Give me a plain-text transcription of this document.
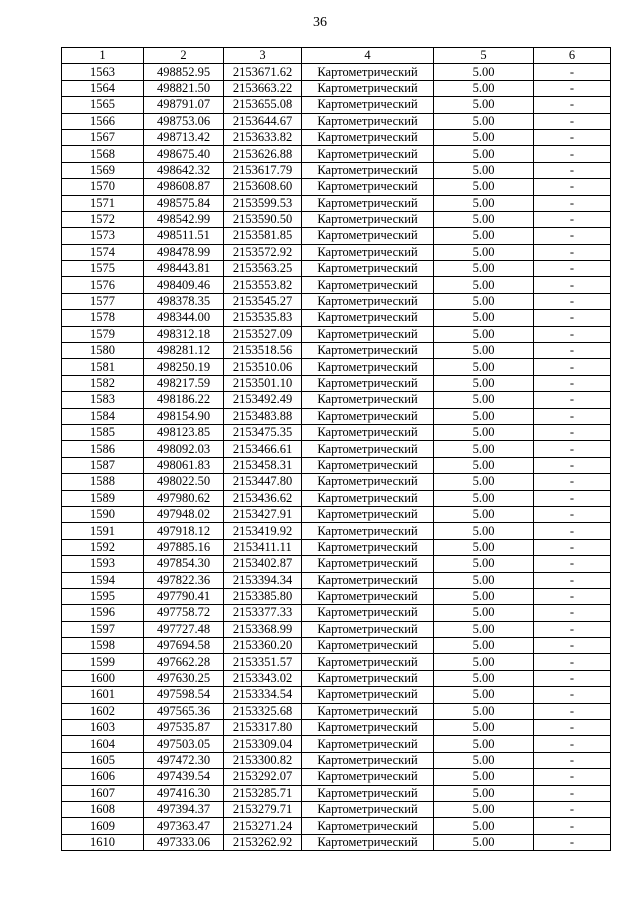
36
1	2	3	4	5	6
1563	498852.95	2153671.62	Картометрический	5.00	-
1564	498821.50	2153663.22	Картометрический	5.00	-
1565	498791.07	2153655.08	Картометрический	5.00	-
1566	498753.06	2153644.67	Картометрический	5.00	-
1567	498713.42	2153633.82	Картометрический	5.00	-
1568	498675.40	2153626.88	Картометрический	5.00	-
1569	498642.32	2153617.79	Картометрический	5.00	-
1570	498608.87	2153608.60	Картометрический	5.00	-
1571	498575.84	2153599.53	Картометрический	5.00	-
1572	498542.99	2153590.50	Картометрический	5.00	-
1573	498511.51	2153581.85	Картометрический	5.00	-
1574	498478.99	2153572.92	Картометрический	5.00	-
1575	498443.81	2153563.25	Картометрический	5.00	-
1576	498409.46	2153553.82	Картометрический	5.00	-
1577	498378.35	2153545.27	Картометрический	5.00	-
1578	498344.00	2153535.83	Картометрический	5.00	-
1579	498312.18	2153527.09	Картометрический	5.00	-
1580	498281.12	2153518.56	Картометрический	5.00	-
1581	498250.19	2153510.06	Картометрический	5.00	-
1582	498217.59	2153501.10	Картометрический	5.00	-
1583	498186.22	2153492.49	Картометрический	5.00	-
1584	498154.90	2153483.88	Картометрический	5.00	-
1585	498123.85	2153475.35	Картометрический	5.00	-
1586	498092.03	2153466.61	Картометрический	5.00	-
1587	498061.83	2153458.31	Картометрический	5.00	-
1588	498022.50	2153447.80	Картометрический	5.00	-
1589	497980.62	2153436.62	Картометрический	5.00	-
1590	497948.02	2153427.91	Картометрический	5.00	-
1591	497918.12	2153419.92	Картометрический	5.00	-
1592	497885.16	2153411.11	Картометрический	5.00	-
1593	497854.30	2153402.87	Картометрический	5.00	-
1594	497822.36	2153394.34	Картометрический	5.00	-
1595	497790.41	2153385.80	Картометрический	5.00	-
1596	497758.72	2153377.33	Картометрический	5.00	-
1597	497727.48	2153368.99	Картометрический	5.00	-
1598	497694.58	2153360.20	Картометрический	5.00	-
1599	497662.28	2153351.57	Картометрический	5.00	-
1600	497630.25	2153343.02	Картометрический	5.00	-
1601	497598.54	2153334.54	Картометрический	5.00	-
1602	497565.36	2153325.68	Картометрический	5.00	-
1603	497535.87	2153317.80	Картометрический	5.00	-
1604	497503.05	2153309.04	Картометрический	5.00	-
1605	497472.30	2153300.82	Картометрический	5.00	-
1606	497439.54	2153292.07	Картометрический	5.00	-
1607	497416.30	2153285.71	Картометрический	5.00	-
1608	497394.37	2153279.71	Картометрический	5.00	-
1609	497363.47	2153271.24	Картометрический	5.00	-
1610	497333.06	2153262.92	Картометрический	5.00	-
